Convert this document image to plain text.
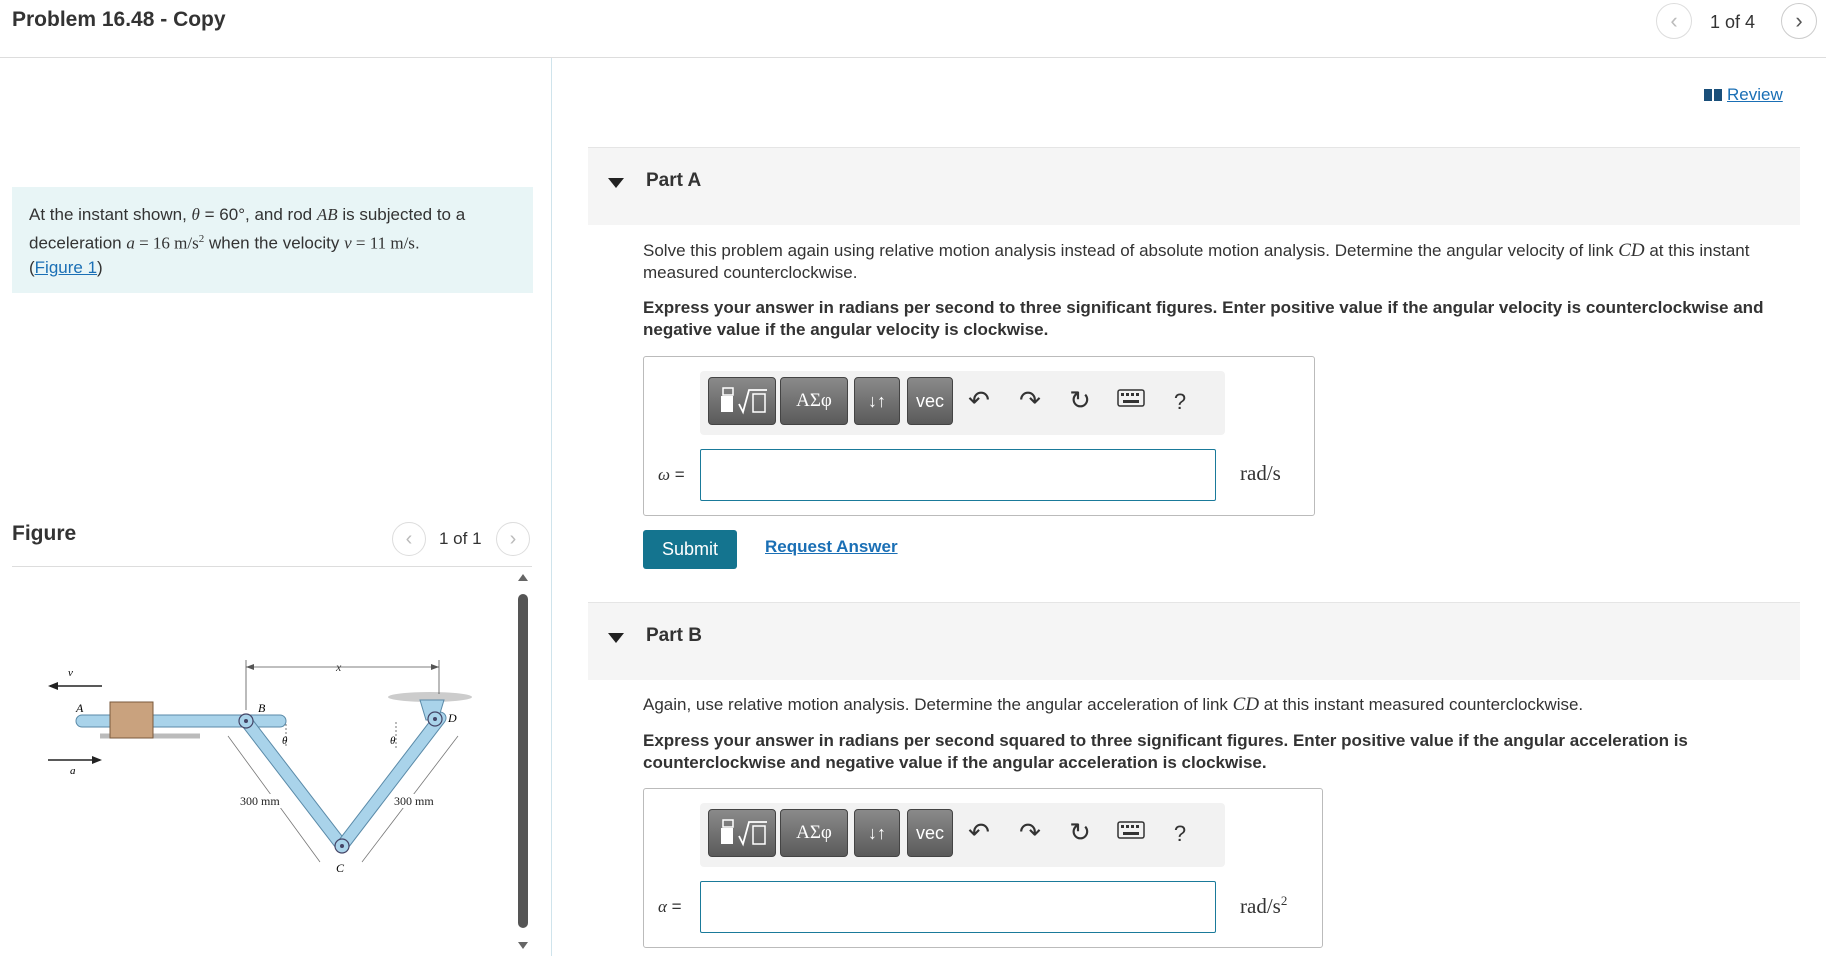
Problem 16.48 - Copy	‹ 1 of 4 ›
At the instant shown, θ = 60°, and rod AB is subjected to a deceleration a = 16 $m/s^2$ when the velocity v = 11 m/s.
(Figure 1)
Figure	‹ 1 of 1 ›
v
a
A	B
C
D
x
θ	θ
300 mm	300 mm
Review
Part A
Solve this problem again using relative motion analysis instead of absolute motion analysis. Determine the angular velocity of link CD at this instant measured counterclockwise.
Express your answer in radians per second to three significant figures. Enter positive value if the angular velocity is counterclockwise and negative value if the angular velocity is clockwise.
ΑΣφ	↓↑	vec ↶ ↷ ↻	?
ω =	rad/s
Submit	Request Answer
Part B
Again, use relative motion analysis. Determine the angular acceleration of link CD at this instant measured counterclockwise.
Express your answer in radians per second squared to three significant figures. Enter positive value if the angular acceleration is counterclockwise and negative value if the angular acceleration is clockwise.
ΑΣφ	↓↑	vec ↶ ↷ ↻	?
α =	rad/$s^2$
